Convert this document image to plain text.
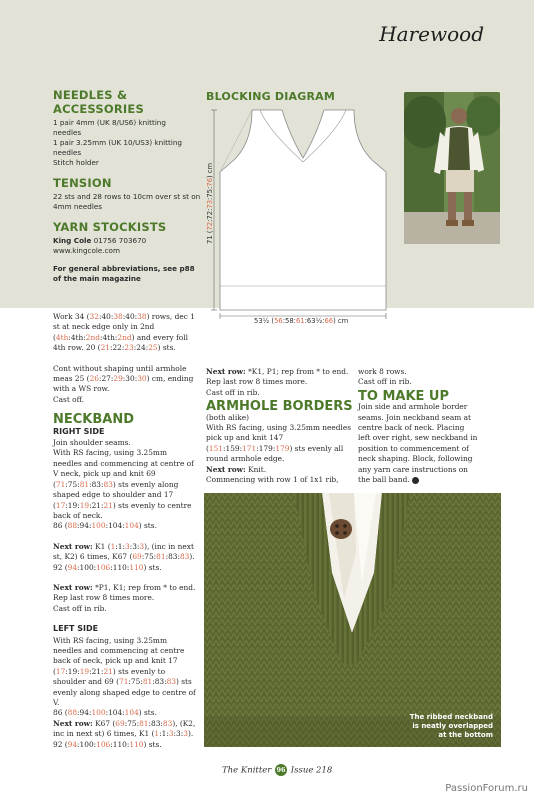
Harewood
NEEDLES & ACCESSORIES

1 pair 4mm (UK 8/US6) knitting

needles

1 pair 3.25mm (UK 10/US3) knitting

needles

Stitch holder

TENSION

22 sts and 28 rows to 10cm over st st on

4mm needles

YARN STOCKISTS

King Cole 01756 703670

www.kingcole.com

For general abbreviations, see p88 of the main magazine

BLOCKING DIAGRAM
71 (72:72:73:75:76) cm
53½ (56:58:61:63½:66) cm

Work 34 (32:40:38:40:38) rows, dec 1 st at neck edge only in 2nd (4th:4th:2nd:4th:2nd) and every foll 4th row. 20 (21:22:23:24:25) sts.

Cont without shaping until armhole meas 25 (26:27:29:30:30) cm, ending with a WS row.
Cast off.

NECKBAND
RIGHT SIDE

Join shoulder seams.
With RS facing, using 3.25mm needles and commencing at centre of V neck, pick up and knit 69 (71:75:81:83:83) sts evenly along shaped edge to shoulder and 17 (17:19:19:21:21) sts evenly to centre back of neck.
86 (88:94:100:104:104) sts.

Next row: K1 (1:1:3:3:3), (inc in next st, K2) 6 times, K67 (69:75:81:83:83).
92 (94:100:106:110:110) sts.

Next row: *P1, K1; rep from * to end.
Rep last row 8 times more.
Cast off in rib.

LEFT SIDE

With RS facing, using 3.25mm needles and commencing at centre back of neck, pick up and knit 17 (17:19:19:21:21) sts evenly to shoulder and 69 (71:75:81:83:83) sts evenly along shaped edge to centre of V.
86 (88:94:100:104:104) sts.

Next row: K67 (69:75:81:83:83), (K2, inc in next st) 6 times, K1 (1:1:3:3:3).
92 (94:100:106:110:110) sts.

Next row: *K1, P1; rep from * to end.
Rep last row 8 times more.
Cast off in rib.

ARMHOLE BORDERS
(both alike)

With RS facing, using 3.25mm needles pick up and knit 147 (151:159:171:179:179) sts evenly all round armhole edge.
Next row: Knit.
Commencing with row 1 of 1x1 rib,

work 8 rows.

Cast off in rib.

TO MAKE UP

Join side and armhole border seams. Join neckband seam at centre back of neck. Placing left over right, sew neckband in position to commencement of neck shaping. Block, following any yarn care instructions on the ball band.

The ribbed neckband is neatly overlapped at the bottom
The Knitter 96 Issue 218
PassionForum.ru
